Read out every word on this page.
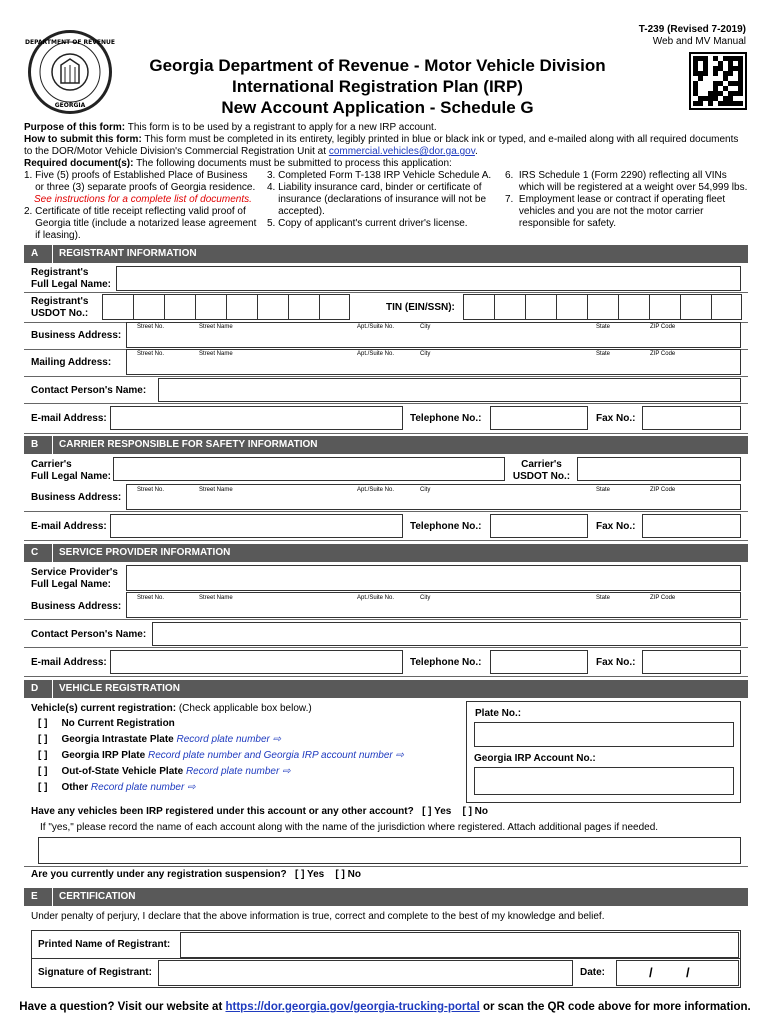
T-239 (Revised 7-2019)
Web and MV Manual
DEPARTMENT OF REVENUE
GEORGIA
Georgia Department of Revenue - Motor Vehicle Division
International Registration Plan (IRP)
New Account Application - Schedule G
Purpose of this form: This form is to be used by a registrant to apply for a new IRP account.
How to submit this form: This form must be completed in its entirety, legibly printed in blue or black ink or typed, and e-mailed along with all required documents
to the DOR/Motor Vehicle Division's Commercial Registration Unit at commercial.vehicles@dor.ga.gov.
Required document(s): The following documents must be submitted to process this application:
1. Five (5) proofs of Established Place of Business
or three (3) separate proofs of Georgia residence.
See instructions for a complete list of documents.
2. Certificate of title receipt reflecting valid proof of
Georgia title (include a notarized lease agreement
if leasing).
3. Completed Form T-138 IRP Vehicle Schedule A.
4. Liability insurance card, binder or certificate of
insurance (declarations of insurance will not be
accepted).
5. Copy of applicant's current driver's license.
6.  IRS Schedule 1 (Form 2290) reflecting all VINs
which will be registered at a weight over 54,999 lbs.
7.  Employment lease or contract if operating fleet
vehicles and you are not the motor carrier
responsible for safety.
A	REGISTRANT INFORMATION
Registrant's
Full Legal Name:
Registrant's
USDOT No.:
TIN (EIN/SSN):
Business Address:
Mailing Address:
Contact Person's Name:
E-mail Address:	Telephone No.:	Fax No.:
B	CARRIER RESPONSIBLE FOR SAFETY INFORMATION
Carrier's
Full Legal Name:
Carrier's
USDOT No.:
Business Address:
E-mail Address:	Telephone No.:	Fax No.:
C	SERVICE PROVIDER INFORMATION
Service Provider's
Full Legal Name:
Business Address:
Contact Person's Name:
E-mail Address:	Telephone No.:	Fax No.:
D	VEHICLE REGISTRATION
Vehicle(s) current registration: (Check applicable box below.)
[ ] No Current Registration
[ ] Georgia Intrastate Plate Record plate number ⇨
[ ] Georgia IRP Plate Record plate number and Georgia IRP account number ⇨
[ ] Out-of-State Vehicle Plate Record plate number ⇨
[ ] Other Record plate number ⇨
Plate No.:
Georgia IRP Account No.:
Have any vehicles been IRP registered under this account or any other account? [ ] Yes [ ] No
If "yes," please record the name of each account along with the name of the jurisdiction where registered. Attach additional pages if needed.
Are you currently under any registration suspension? [ ] Yes [ ] No
E	CERTIFICATION
Under penalty of perjury, I declare that the above information is true, correct and complete to the best of my knowledge and belief.
Printed Name of Registrant:
Signature of Registrant:	Date:	/	/
Have a question? Visit our website at https://dor.georgia.gov/georgia-trucking-portal or scan the QR code above for more information.
Street No.	Street Name	Apt./Suite No.	City	State	ZIP Code
Street No.	Street Name	Apt./Suite No.	City	State	ZIP Code
Street No.	Street Name	Apt./Suite No.	City	State	ZIP Code
Street No.	Street Name	Apt./Suite No.	City	State	ZIP Code
